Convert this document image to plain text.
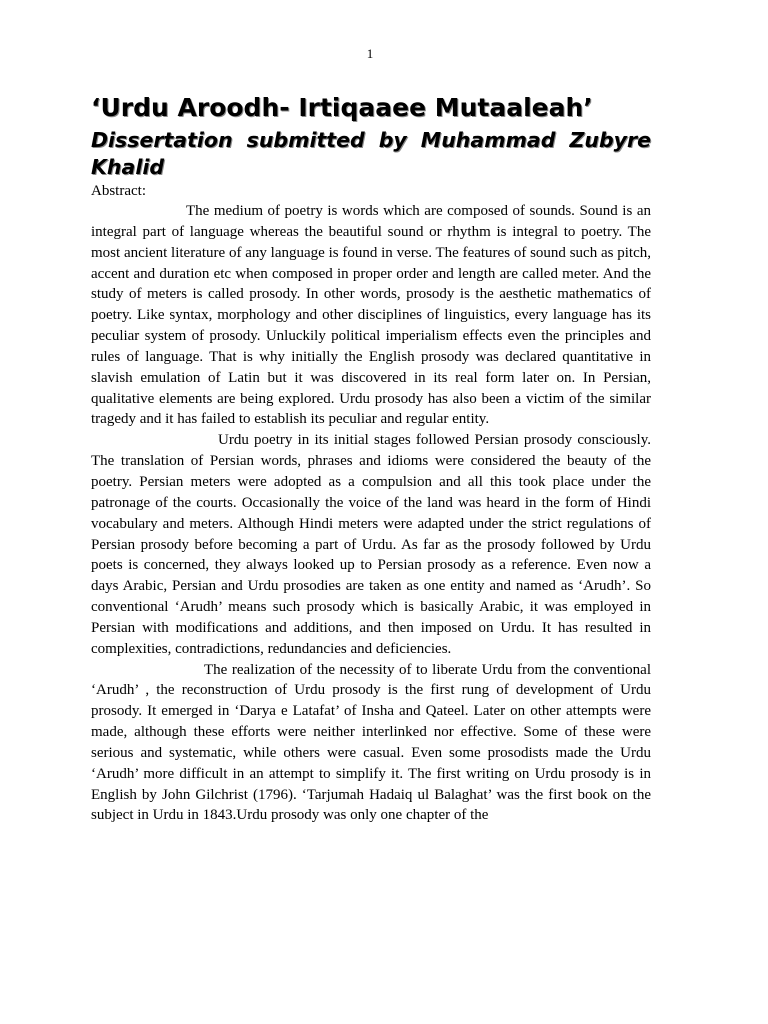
1
‘Urdu Aroodh- Irtiqaaee Mutaaleah’
Dissertation submitted by Muhammad Zubyre Khalid

Abstract:

The medium of poetry is words which are composed of sounds. Sound is an integral part of language whereas the beautiful sound or rhythm is integral to poetry. The most ancient literature of any language is found in verse. The features of sound such as pitch, accent and duration etc when composed in proper order and length are called meter. And the study of meters is called prosody. In other words, prosody is the aesthetic mathematics of poetry. Like syntax, morphology and other disciplines of linguistics, every language has its peculiar system of prosody. Unluckily political imperialism effects even the principles and rules of language. That is why initially the English prosody was declared quantitative in slavish emulation of Latin but it was discovered in its real form later on. In Persian, qualitative elements are being explored. Urdu prosody has also been a victim of the similar tragedy and it has failed to establish its peculiar and regular entity.

Urdu poetry in its initial stages followed Persian prosody consciously. The translation of Persian words, phrases and idioms were considered the beauty of the poetry. Persian meters were adopted as a compulsion and all this took place under the patronage of the courts. Occasionally the voice of the land was heard in the form of Hindi vocabulary and meters. Although Hindi meters were adapted under the strict regulations of Persian prosody before becoming a part of Urdu. As far as the prosody followed by Urdu poets is concerned, they always looked up to Persian prosody as a reference. Even now a days Arabic, Persian and Urdu prosodies are taken as one entity and named as ‘Arudh’. So conventional ‘Arudh’ means such prosody which is basically Arabic, it was employed in Persian with modifications and additions, and then imposed on Urdu. It has resulted in complexities, contradictions, redundancies and deficiencies.

The realization of the necessity of to liberate Urdu from the conventional ‘Arudh’ , the reconstruction of Urdu prosody is the first rung of development of Urdu prosody. It emerged in ‘Darya e Latafat’ of Insha and Qateel. Later on other attempts were made, although these efforts were neither interlinked nor effective. Some of these were serious and systematic, while others were casual. Even some prosodists made the Urdu ‘Arudh’ more difficult in an attempt to simplify it. The first writing on Urdu prosody is in English by John Gilchrist (1796). ‘Tarjumah Hadaiq ul Balaghat’ was the first book on the subject in Urdu in 1843.Urdu prosody was only one chapter of the
